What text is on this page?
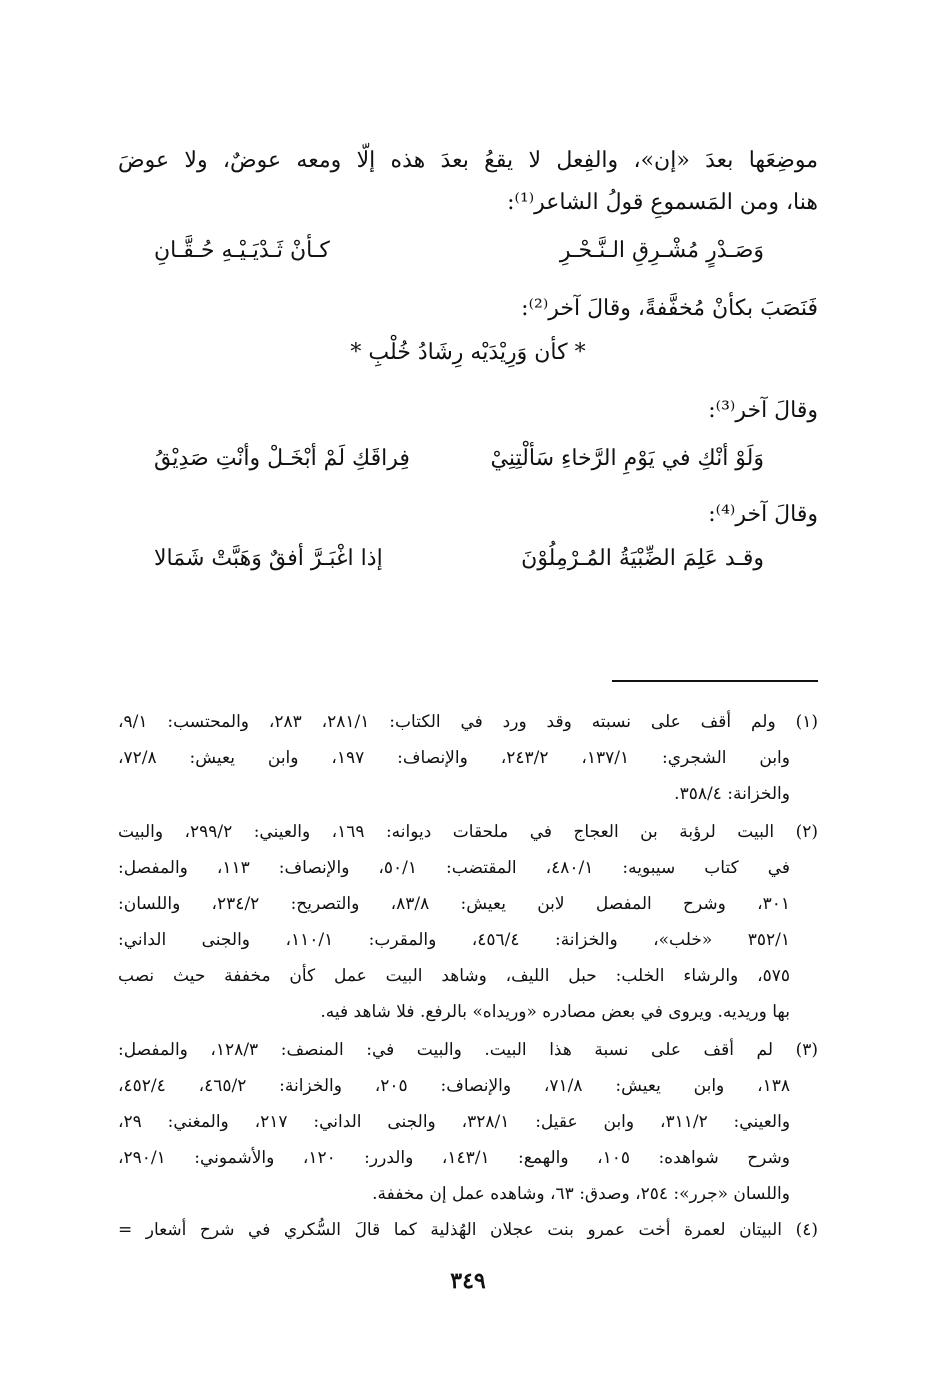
موضِعَها بعدَ «إن»، والفِعل لا يقعُ بعدَ هذه إلّا ومعه عوضٌ، ولا عوضَ
هنا، ومن المَسموعِ قولُ الشاعر⁽¹⁾:
وَصَـدْرٍ مُشْـرِقِ الـنَّـحْـرِ
كـأنْ ثَـدْيَـيْـهِ حُـقَّـانِ
فَنَصَبَ بكأنْ مُخفَّفةً، وقالَ آخر⁽²⁾:
* كأن وَرِيْدَيْه رِشَادُ خُلْبِ *
وقالَ آخر⁽³⁾:
وَلَوْ أنْكِ في يَوْمِ الرَّخاءِ سَألْتِنِيْ
فِراقَكِ لَمْ أبْخَـلْ وأنْتِ صَدِيْقُ
وقالَ آخر⁽⁴⁾:
وقـد عَلِمَ الضِّبْيَةُ المُـرْمِلُوْنَ
إذا اغْبَـرَّ أفقٌ وَهَبَّتْ شَمَالا
(١) ولم أقف على نسبته وقد ورد في الكتاب: ٢٨١/١، ٢٨٣، والمحتسب: ٩/١،
وابن الشجري: ١٣٧/١، ٢٤٣/٢، والإنصاف: ١٩٧، وابن يعيش: ٧٢/٨،
والخزانة: ٣٥٨/٤.
(٢) البيت لرؤبة بن العجاج في ملحقات ديوانه: ١٦٩، والعيني: ٢٩٩/٢، والبيت
في كتاب سيبويه: ٤٨٠/١، المقتضب: ٥٠/١، والإنصاف: ١١٣، والمفصل:
٣٠١، وشرح المفصل لابن يعيش: ٨٣/٨، والتصريح: ٢٣٤/٢، واللسان:
٣٥٢/١ «خلب»، والخزانة: ٤٥٦/٤، والمقرب: ١١٠/١، والجنى الداني:
٥٧٥، والرشاء الخلب: حبل الليف، وشاهد البيت عمل كأن مخففة حيث نصب
بها وريديه. ويروى في بعض مصادره «وريداه» بالرفع. فلا شاهد فيه.
(٣) لم أقف على نسبة هذا البيت. والبيت في: المنصف: ١٢٨/٣، والمفصل:
١٣٨، وابن يعيش: ٧١/٨، والإنصاف: ٢٠٥، والخزانة: ٤٦٥/٢، ٤٥٢/٤،
والعيني: ٣١١/٢، وابن عقيل: ٣٢٨/١، والجنى الداني: ٢١٧، والمغني: ٢٩،
وشرح شواهده: ١٠٥، والهمع: ١٤٣/١، والدرر: ١٢٠، والأشموني: ٢٩٠/١،
واللسان «جرر»: ٢٥٤، وصدق: ٦٣، وشاهده عمل إن مخففة.
(٤) البيتان لعمرة أخت عمرو بنت عجلان الهُذلية كما قالَ السُّكري في شرح أشعار =
٣٤٩
